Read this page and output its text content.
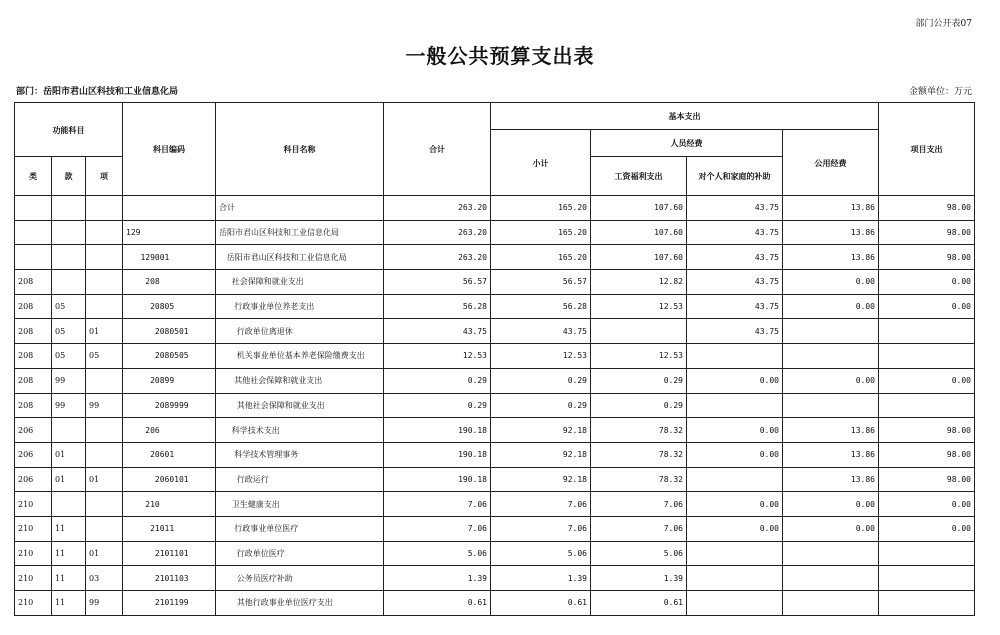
部门公开表07
一般公共预算支出表
部门：岳阳市君山区科技和工业信息化局	金额单位：万元
功能科目			科目编码	科目名称	合计	基本支出				项目支出
						小计	人员经费		公用经费	
类	款	项					工资福利支出	对个人和家庭的补助		
				合计	263.20	165.20	107.60	43.75	13.86	98.00
			129	岳阳市君山区科技和工业信息化局	263.20	165.20	107.60	43.75	13.86	98.00
			129001	岳阳市君山区科技和工业信息化局	263.20	165.20	107.60	43.75	13.86	98.00
208			208	社会保障和就业支出	56.57	56.57	12.82	43.75	0.00	0.00
208	05		20805	行政事业单位养老支出	56.28	56.28	12.53	43.75	0.00	0.00
208	05	01	2080501	行政单位离退休	43.75	43.75		43.75		
208	05	05	2080505	机关事业单位基本养老保险缴费支出	12.53	12.53	12.53			
208	99		20899	其他社会保障和就业支出	0.29	0.29	0.29	0.00	0.00	0.00
208	99	99	2089999	其他社会保障和就业支出	0.29	0.29	0.29			
206			206	科学技术支出	190.18	92.18	78.32	0.00	13.86	98.00
206	01		20601	科学技术管理事务	190.18	92.18	78.32	0.00	13.86	98.00
206	01	01	2060101	行政运行	190.18	92.18	78.32		13.86	98.00
210			210	卫生健康支出	7.06	7.06	7.06	0.00	0.00	0.00
210	11		21011	行政事业单位医疗	7.06	7.06	7.06	0.00	0.00	0.00
210	11	01	2101101	行政单位医疗	5.06	5.06	5.06			
210	11	03	2101103	公务员医疗补助	1.39	1.39	1.39			
210	11	99	2101199	其他行政事业单位医疗支出	0.61	0.61	0.61			
